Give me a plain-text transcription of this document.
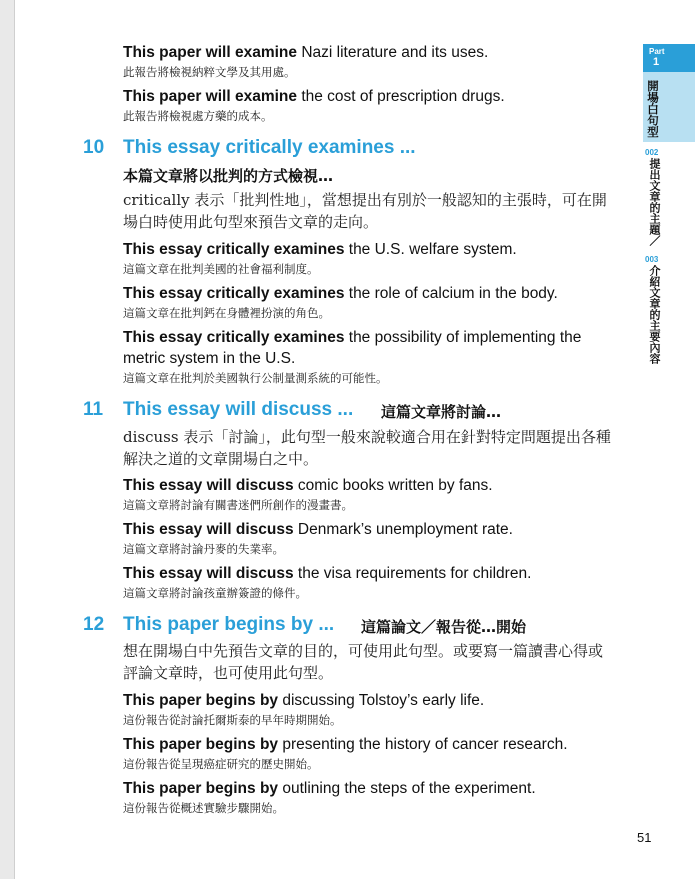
This paper will examine Nazi literature and its uses.

此報告將檢視納粹文學及其用處。

This paper will examine the cost of prescription drugs.

此報告將檢視處方藥的成本。

10 This essay critically examines ...
本篇文章將以批判的方式檢視…

critically 表示「批判性地」，當想提出有別於一般認知的主張時，可在開

場白時使用此句型來預告文章的走向。

This essay critically examines the U.S. welfare system.

這篇文章在批判美國的社會福利制度。

This essay critically examines the role of calcium in the body.

這篇文章在批判鈣在身體裡扮演的角色。

This essay critically examines the possibility of implementing the

metric system in the U.S.

這篇文章在批判於美國執行公制量測系統的可能性。

11 This essay will discuss ... 這篇文章將討論…

discuss 表示「討論」，此句型一般來說較適合用在針對特定問題提出各種

解決之道的文章開場白之中。

This essay will discuss comic books written by fans.

這篇文章將討論有關書迷們所創作的漫畫書。

This essay will discuss Denmark’s unemployment rate.

這篇文章將討論丹麥的失業率。

This essay will discuss the visa requirements for children.

這篇文章將討論孩童辦簽證的條件。

12 This paper begins by ... 這篇論文／報告從…開始

想在開場白中先預告文章的目的，可使用此句型。或要寫一篇讀書心得或

評論文章時，也可使用此句型。

This paper begins by discussing Tolstoy’s early life.

這份報告從討論托爾斯泰的早年時期開始。

This paper begins by presenting the history of cancer research.

這份報告從呈現癌症研究的歷史開始。

This paper begins by outlining the steps of the experiment.

這份報告從概述實驗步驟開始。

51
Part
1
開場白句型
002
提出文章的主題／
003
介紹文章的主要內容
